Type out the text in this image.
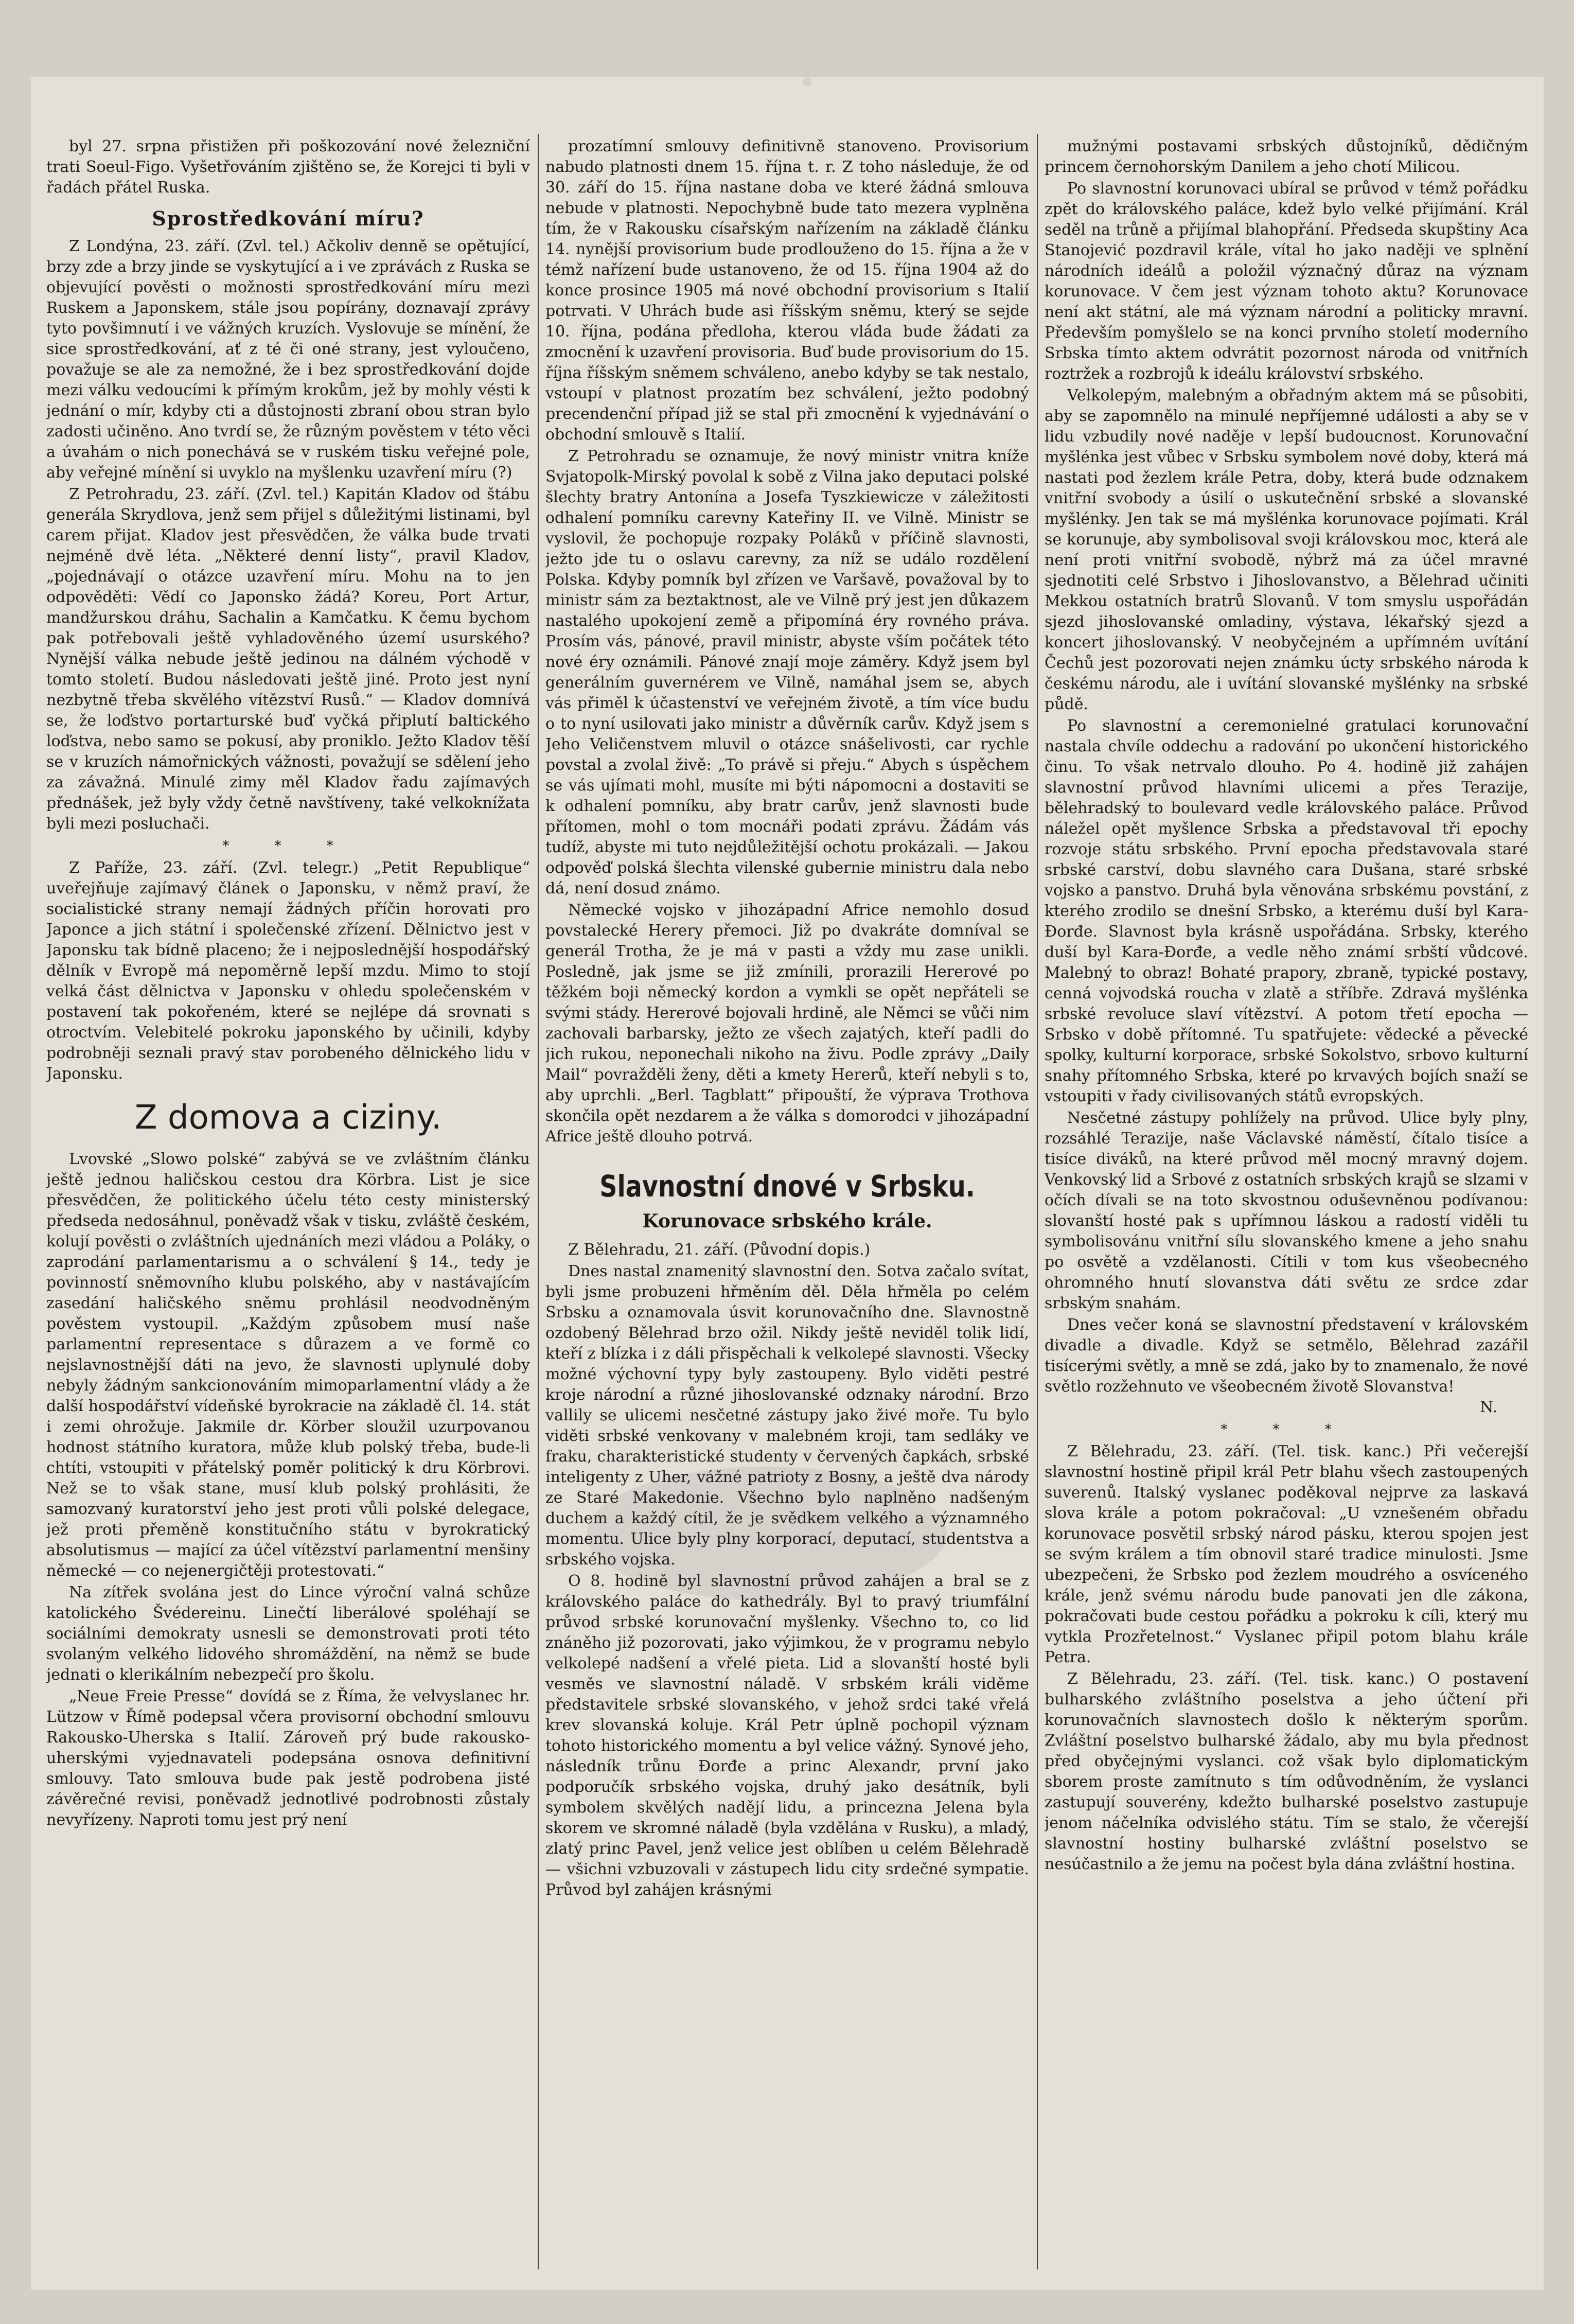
byl 27. srpna přistižen při poškozování nové železniční trati Soeul-Figo. Vyšetřováním zjištěno se, že Korejci ti byli v řadách přátel Ruska.

Sprostředkování míru?

Z Londýna, 23. září. (Zvl. tel.) Ačkoliv denně se opětující, brzy zde a brzy jinde se vyskytující a i ve zprávách z Ruska se objevující pověsti o možnosti sprostředkování míru mezi Ruskem a Japonskem, stále jsou popírány, doznavají zprávy tyto povšimnutí i ve vážných kruzích. Vyslovuje se mínění, že sice sprostředkování, ať z té či oné strany, jest vyloučeno, považuje se ale za nemožné, že i bez sprostředkování dojde mezi válku vedoucími k přímým krokům, jež by mohly vésti k jednání o mír, kdyby cti a důstojnosti zbraní obou stran bylo zadosti učiněno. Ano tvrdí se, že různým pověstem v této věci a úvahám o nich ponechává se v ruském tisku veřejné pole, aby veřejné mínění si uvyklo na myšlenku uzavření míru (?)

Z Petrohradu, 23. září. (Zvl. tel.) Kapitán Kladov od štábu generála Skrydlova, jenž sem přijel s důležitými listinami, byl carem přijat. Kladov jest přesvědčen, že válka bude trvati nejméně dvě léta. „Některé denní listy“, pravil Kladov, „pojednávají o otázce uzavření míru. Mohu na to jen odpověděti: Vědí co Japonsko žádá? Koreu, Port Artur, mandžurskou dráhu, Sachalin a Kamčatku. K čemu bychom pak potřebovali ještě vyhladověného území usurského? Nynější válka nebude ještě jedinou na dálném východě v tomto století. Budou následovati ještě jiné. Proto jest nyní nezbytně třeba skvělého vítězství Rusů.“ — Kladov domnívá se, že loďstvo portarturské buď vyčká připlutí baltického loďstva, nebo samo se pokusí, aby proniklo. Ježto Kladov těší se v kruzích námořnických vážnosti, považují se sdělení jeho za závažná. Minulé zimy měl Kladov řadu zajímavých přednášek, jež byly vždy četně navštíveny, také velkoknížata byli mezi posluchači.

* * *

Z Paříže, 23. září. (Zvl. telegr.) „Petit Republique“ uveřejňuje zajímavý článek o Japonsku, v němž praví, že socialistické strany nemají žádných příčin horovati pro Japonce a jich státní i společenské zřízení. Dělnictvo jest v Japonsku tak bídně placeno; že i nejposlednější hospodářský dělník v Evropě má nepoměrně lepší mzdu. Mimo to stojí velká část dělnictva v Japonsku v ohledu společenském v postavení tak pokořeném, které se nejlépe dá srovnati s otroctvím. Velebitelé pokroku japonského by učinili, kdyby podrobněji seznali pravý stav porobeného dělnického lidu v Japonsku.

Z domova a ciziny.

Lvovské „Slowo polské“ zabývá se ve zvláštním článku ještě jednou haličskou cestou dra Körbra. List je sice přesvědčen, že politického účelu této cesty ministerský předseda nedosáhnul, poněvadž však v tisku, zvláště českém, kolují pověsti o zvláštních ujednáních mezi vládou a Poláky, o zaprodání parlamentarismu a o schválení § 14., tedy je povinností sněmovního klubu polského, aby v nastávajícím zasedání haličského sněmu prohlásil neodvodněným pověstem vystoupil. „Každým způsobem musí naše parlamentní representace s důrazem a ve formě co nejslavnostnější dáti na jevo, že slavnosti uplynulé doby nebyly žádným sankcionováním mimoparlamentní vlády a že další hospodářství vídeňské byrokracie na základě čl. 14. stát i zemi ohrožuje. Jakmile dr. Körber sloužil uzurpovanou hodnost státního kuratora, může klub polský třeba, bude-li chtíti, vstoupiti v přátelský poměr politický k dru Körbrovi. Než se to však stane, musí klub polský prohlásiti, že samozvaný kuratorství jeho jest proti vůli polské delegace, jež proti přeměně konstitučního státu v byrokratický absolutismus — mající za účel vítězství parlamentní menšiny německé — co nejenergičtěji protestovati.“

Na zítřek svolána jest do Lince výroční valná schůze katolického Švédereinu. Linečtí liberálové spoléhají se sociálními demokraty usnesli se demonstrovati proti této svolaným velkého lidového shromáždění, na němž se bude jednati o klerikálním nebezpečí pro školu.

„Neue Freie Presse“ dovídá se z Říma, že velvyslanec hr. Lützow v Římě podepsal včera provisorní obchodní smlouvu Rakousko-Uherska s Italií. Zároveň prý bude rakousko-uherskými vyjednavateli podepsána osnova definitivní smlouvy. Tato smlouva bude pak jestě podrobena jisté závěrečné revisi, poněvadž jednotlivé podrobnosti zůstaly nevyřízeny. Naproti tomu jest prý není

prozatímní smlouvy definitivně stanoveno. Provisorium nabudo platnosti dnem 15. října t. r. Z toho následuje, že od 30. září do 15. října nastane doba ve které žádná smlouva nebude v platnosti. Nepochybně bude tato mezera vyplněna tím, že v Rakousku císařským nařízením na základě článku 14. nynější provisorium bude prodlouženo do 15. října a že v témž nařízení bude ustanoveno, že od 15. října 1904 až do konce prosince 1905 má nové obchodní provisorium s Italií potrvati. V Uhrách bude asi říšským sněmu, který se sejde 10. října, podána předloha, kterou vláda bude žádati za zmocnění k uzavření provisoria. Buď bude provisorium do 15. října říšským sněmem schváleno, anebo kdyby se tak nestalo, vstoupí v platnost prozatím bez schválení, ježto podobný precendenční případ již se stal při zmocnění k vyjednávání o obchodní smlouvě s Italií.

Z Petrohradu se oznamuje, že nový ministr vnitra kníže Svjatopolk-Mirský povolal k sobě z Vilna jako deputaci polské šlechty bratry Antonína a Josefa Tyszkiewicze v záležitosti odhalení pomníku carevny Kateřiny II. ve Vilně. Ministr se vyslovil, že pochopuje rozpaky Poláků v příčině slavnosti, ježto jde tu o oslavu carevny, za níž se událo rozdělení Polska. Kdyby pomník byl zřízen ve Varšavě, považoval by to ministr sám za beztaktnost, ale ve Vilně prý jest jen důkazem nastalého upokojení země a připomíná éry rovného práva. Prosím vás, pánové, pravil ministr, abyste vším počátek této nové éry oznámili. Pánové znají moje záměry. Když jsem byl generálním guvernérem ve Vilně, namáhal jsem se, abych vás přiměl k účastenství ve veřejném životě, a tím více budu o to nyní usilovati jako ministr a důvěrník carův. Když jsem s Jeho Veličenstvem mluvil o otázce snášelivosti, car rychle povstal a zvolal živě: „To právě si přeju.“ Abych s úspěchem se vás ujímati mohl, musíte mi býti nápomocni a dostaviti se k odhalení pomníku, aby bratr carův, jenž slavnosti bude přítomen, mohl o tom mocnáři podati zprávu. Žádám vás tudíž, abyste mi tuto nejdůležitější ochotu prokázali. — Jakou odpověď polská šlechta vilenské gubernie ministru dala nebo dá, není dosud známo.

Německé vojsko v jihozápadní Africe nemohlo dosud povstalecké Herery přemoci. Již po dvakráte domníval se generál Trotha, že je má v pasti a vždy mu zase unikli. Posledně, jak jsme se již zmínili, prorazili Hererové po těžkém boji německý kordon a vymkli se opět nepřáteli se svými stády. Hererové bojovali hrdině, ale Němci se vůči nim zachovali barbarsky, ježto ze všech zajatých, kteří padli do jich rukou, neponechali nikoho na živu. Podle zprávy „Daily Mail“ povražděli ženy, děti a kmety Hererů, kteří nebyli s to, aby uprchli. „Berl. Tagblatt“ připouští, že výprava Trothova skončila opět nezdarem a že válka s domorodci v jihozápadní Africe ještě dlouho potrvá.

Slavnostní dnové v Srbsku.
Korunovace srbského krále.

Z Bělehradu, 21. září. (Původní dopis.)

Dnes nastal znamenitý slavnostní den. Sotva začalo svítat, byli jsme probuzeni hřměním děl. Děla hřměla po celém Srbsku a oznamovala úsvit korunovačního dne. Slavnostně ozdobený Bělehrad brzo ožil. Nikdy ještě neviděl tolik lidí, kteří z blízka i z dáli přispěchali k velkolepé slavnosti. Všecky možné výchovní typy byly zastoupeny. Bylo viděti pestré kroje národní a různé jihoslovanské odznaky národní. Brzo vallily se ulicemi nesčetné zástupy jako živé moře. Tu bylo viděti srbské venkovany v malebném kroji, tam sedláky ve fraku, charakteristické studenty v červených čapkách, srbské inteligenty z Uher, vážné patrioty z Bosny, a ještě dva národy ze Staré Makedonie. Všechno bylo naplněno nadšeným duchem a každý cítil, že je svědkem velkého a významného momentu. Ulice byly plny korporací, deputací, studentstva a srbského vojska.

O 8. hodině byl slavnostní průvod zahájen a bral se z královského paláce do kathedrály. Byl to pravý triumfální průvod srbské korunovační myšlenky. Všechno to, co lid znáněho již pozorovati, jako výjimkou, že v programu nebylo velkolepé nadšení a vřelé pieta. Lid a slovanští hosté byli vesměs ve slavnostní náladě. V srbském králi viděme představitele srbské slovanského, v jehož srdci také vřelá krev slovanská koluje. Král Petr úplně pochopil význam tohoto historického momentu a byl velice vážný. Synové jeho, následník trůnu Đorđe a princ Alexandr, první jako podporučík srbského vojska, druhý jako desátník, byli symbolem skvělých nadějí lidu, a princezna Jelena byla skorem ve skromné náladě (byla vzdělána v Rusku), a mladý, zlatý princ Pavel, jenž velice jest oblíben u celém Bělehradě — všichni vzbuzovali v zástupech lidu city srdečné sympatie. Průvod byl zahájen krásnými

mužnými postavami srbských důstojníků, dědičným princem černohorským Danilem a jeho chotí Milicou.

Po slavnostní korunovaci ubíral se průvod v témž pořádku zpět do královského paláce, kdež bylo velké přijímání. Král seděl na trůně a přijímal blahopřání. Předseda skupštiny Aca Stanojević pozdravil krále, vítal ho jako naději ve splnění národních ideálů a položil význačný důraz na význam korunovace. V čem jest význam tohoto aktu? Korunovace není akt státní, ale má význam národní a politicky mravní. Především pomyšlelo se na konci prvního století moderního Srbska tímto aktem odvrátit pozornost národa od vnitřních roztržek a rozbrojů k ideálu království srbského.

Velkolepým, malebným a obřadným aktem má se působiti, aby se zapomnělo na minulé nepříjemné události a aby se v lidu vzbudily nové naděje v lepší budoucnost. Korunovační myšlénka jest vůbec v Srbsku symbolem nové doby, která má nastati pod žezlem krále Petra, doby, která bude odznakem vnitřní svobody a úsilí o uskutečnění srbské a slovanské myšlénky. Jen tak se má myšlénka korunovace pojímati. Král se korunuje, aby symbolisoval svoji královskou moc, která ale není proti vnitřní svobodě, nýbrž má za účel mravné sjednotiti celé Srbstvo i Jihoslovanstvo, a Bělehrad učiniti Mekkou ostatních bratrů Slovanů. V tom smyslu uspořádán sjezd jihoslovanské omladiny, výstava, lékařský sjezd a koncert jihoslovanský. V neobyčejném a upřímném uvítání Čechů jest pozorovati nejen známku úcty srbského národa k českému národu, ale i uvítání slovanské myšlénky na srbské půdě.

Po slavnostní a ceremonielné gratulaci korunovační nastala chvíle oddechu a radování po ukončení historického činu. To však netrvalo dlouho. Po 4. hodině již zahájen slavnostní průvod hlavními ulicemi a přes Terazije, bělehradský to boulevard vedle královského paláce. Průvod náležel opět myšlence Srbska a představoval tři epochy rozvoje státu srbského. První epocha představovala staré srbské carství, dobu slavného cara Dušana, staré srbské vojsko a panstvo. Druhá byla věnována srbskému povstání, z kterého zrodilo se dnešní Srbsko, a kterému duší byl Kara-Đorđe. Slavnost byla krásně uspořádána. Srbsky, kterého duší byl Kara-Đorđe, a vedle něho známí srbští vůdcové. Malebný to obraz! Bohaté prapory, zbraně, typické postavy, cenná vojvodská roucha v zlatě a stříbře. Zdravá myšlénka srbské revoluce slaví vítězství. A potom třetí epocha — Srbsko v době přítomné. Tu spatřujete: vědecké a pěvecké spolky, kulturní korporace, srbské Sokolstvo, srbovo kulturní snahy přítomného Srbska, které po krvavých bojích snaží se vstoupiti v řady civilisovaných států evropských.

Nesčetné zástupy pohlížely na průvod. Ulice byly plny, rozsáhlé Terazije, naše Václavské náměstí, čítalo tisíce a tisíce diváků, na které průvod měl mocný mravný dojem. Venkovský lid a Srbové z ostatních srbských krajů se slzami v očích dívali se na toto skvostnou oduševněnou podívanou: slovanští hosté pak s upřímnou láskou a radostí viděli tu symbolisovánu vnitřní sílu slovanského kmene a jeho snahu po osvětě a vzdělanosti. Cítili v tom kus všeobecného ohromného hnutí slovanstva dáti světu ze srdce zdar srbským snahám.

Dnes večer koná se slavnostní představení v královském divadle a divadle. Když se setmělo, Bělehrad zazářil tisícerými světly, a mně se zdá, jako by to znamenalo, že nové světlo rozžehnuto ve všeobecném životě Slovanstva!

N.
* * *

Z Bělehradu, 23. září. (Tel. tisk. kanc.) Při večerejší slavnostní hostině připil král Petr blahu všech zastoupených suverenů. Italský vyslanec poděkoval nejprve za laskavá slova krále a potom pokračoval: „U vznešeném obřadu korunovace posvětil srbský národ pásku, kterou spojen jest se svým králem a tím obnovil staré tradice minulosti. Jsme ubezpečeni, že Srbsko pod žezlem moudrého a osvíceného krále, jenž svému národu bude panovati jen dle zákona, pokračovati bude cestou pořádku a pokroku k cíli, který mu vytkla Prozřetelnost.“ Vyslanec připil potom blahu krále Petra.

Z Bělehradu, 23. září. (Tel. tisk. kanc.) O postavení bulharského zvláštního poselstva a jeho účtení při korunovačních slavnostech došlo k některým sporům. Zvláštní poselstvo bulharské žádalo, aby mu byla přednost před obyčejnými vyslanci. což však bylo diplomatickým sborem proste zamítnuto s tím odůvodněním, že vyslanci zastupují souverény, kdežto bulharské poselstvo zastupuje jenom náčelníka odvislého státu. Tím se stalo, že včerejší slavnostní hostiny bulharské zvláštní poselstvo se nesúčastnilo a že jemu na počest byla dána zvláštní hostina.
